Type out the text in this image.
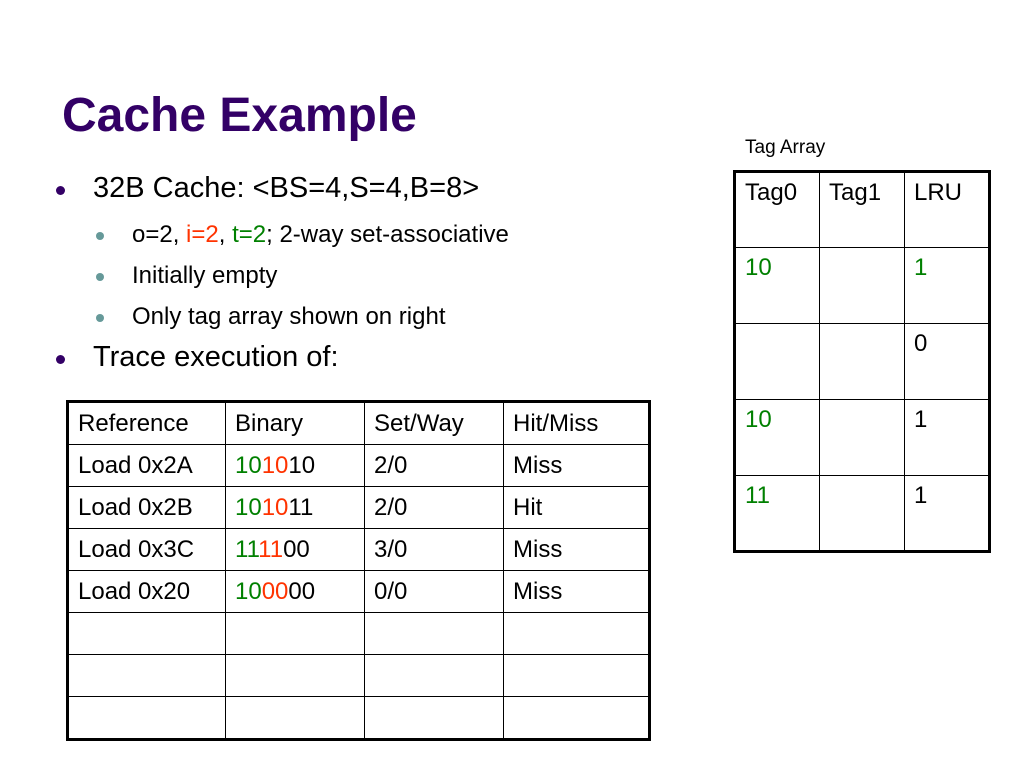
Cache Example
32B Cache: <BS=4,S=4,B=8>
o=2, i=2, t=2; 2-way set-associative
Initially empty
Only tag array shown on right
Trace execution of:
Reference	Binary	Set/Way	Hit/Miss
Load 0x2A	101010	2/0	Miss
Load 0x2B	101011	2/0	Hit
Load 0x3C	111100	3/0	Miss
Load 0x20	100000	0/0	Miss

Tag Array
Tag0	Tag1	LRU
10		1
		0
10		1
11		1
